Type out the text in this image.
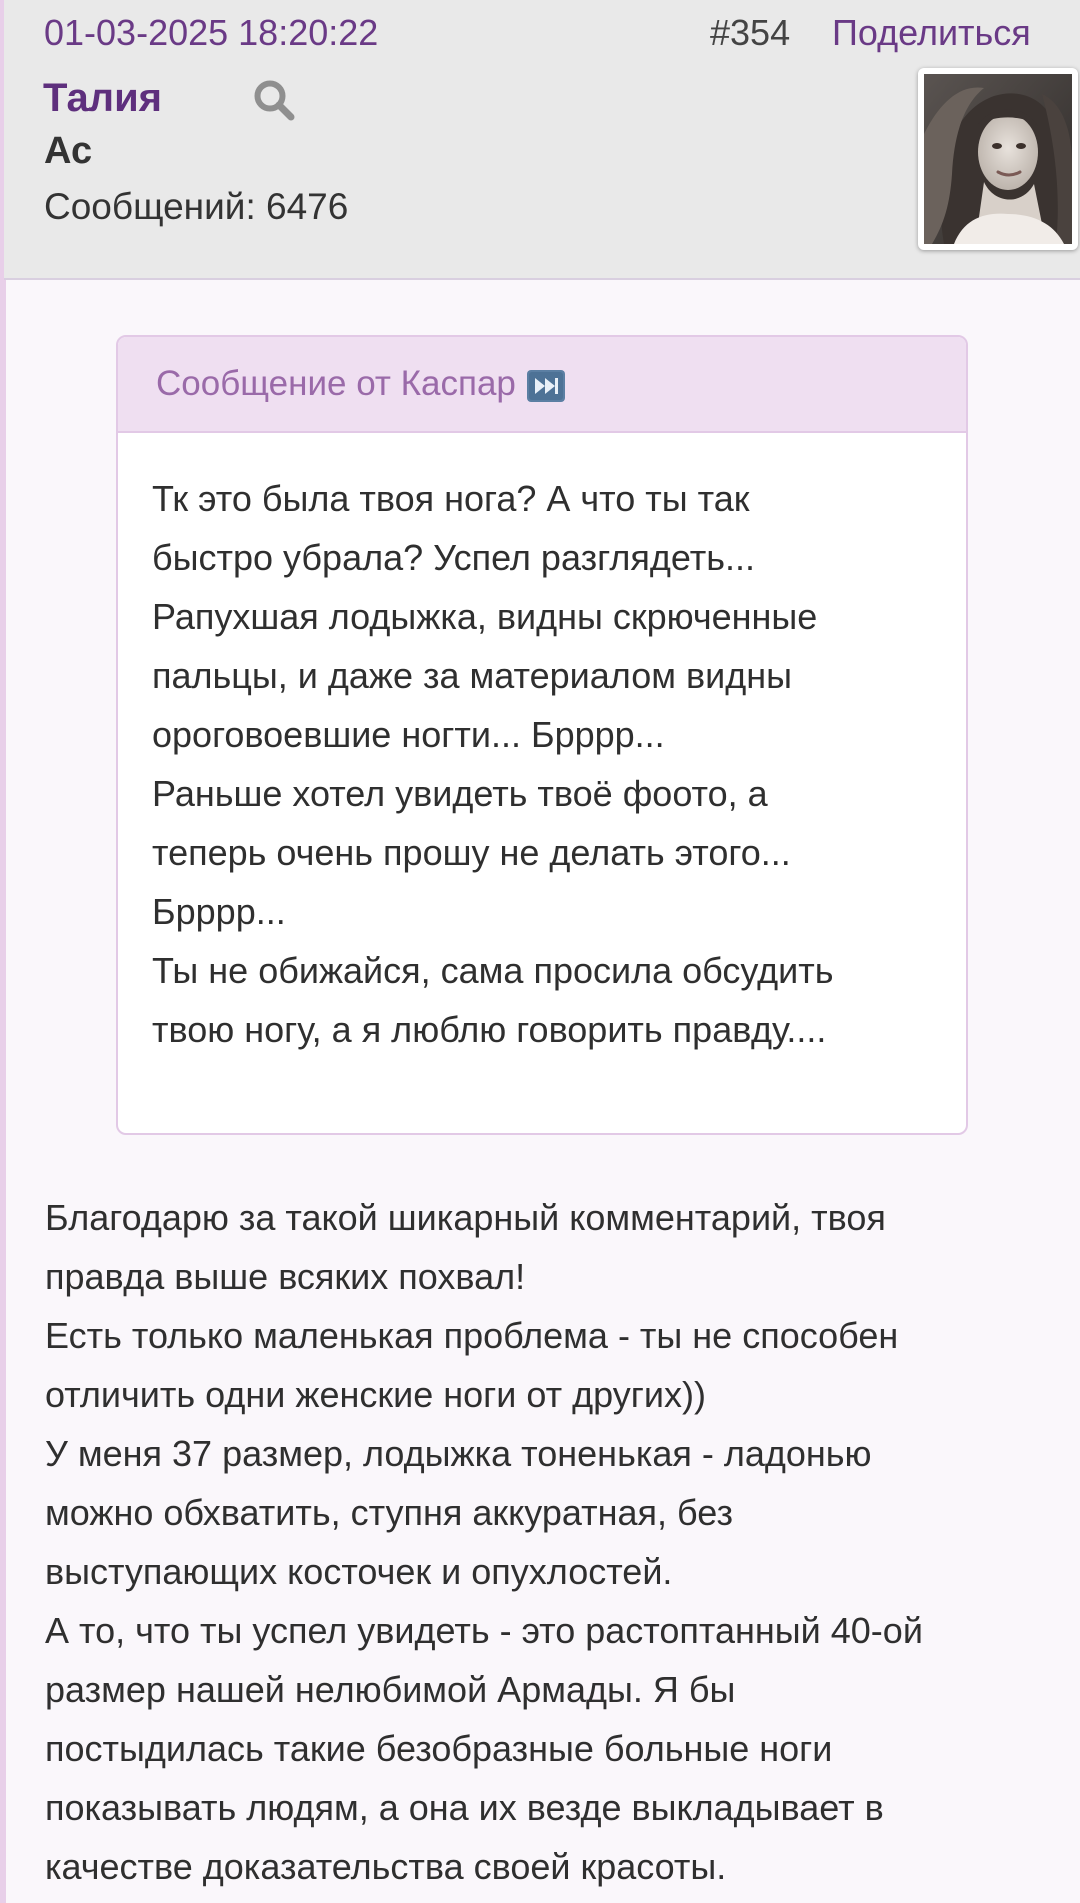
01-03-2025 18:20:22	#354 Поделиться
Талия
Ас
Сообщений: 6476
Сообщение от Каспар
Тк это была твоя нога? А что ты так
быстро убрала? Успел разглядеть...
Рапухшая лодыжка, видны скрюченные
пальцы, и даже за материалом видны
ороговоевшие ногти... Брррр...
Раньше хотел увидеть твоё фоото, а
теперь очень прошу не делать этого...
Брррр...
Ты не обижайся, сама просила обсудить
твою ногу, а я люблю говорить правду....
Благодарю за такой шикарный комментарий, твоя
правда выше всяких похвал!
Есть только маленькая проблема - ты не способен
отличить одни женские ноги от других))
У меня 37 размер, лодыжка тоненькая - ладонью
можно обхватить, ступня аккуратная, без
выступающих косточек и опухлостей.
А то, что ты успел увидеть - это растоптанный 40-ой
размер нашей нелюбимой Армады. Я бы
постыдилась такие безобразные больные ноги
показывать людям, а она их везде выкладывает в
качестве доказательства своей красоты.
